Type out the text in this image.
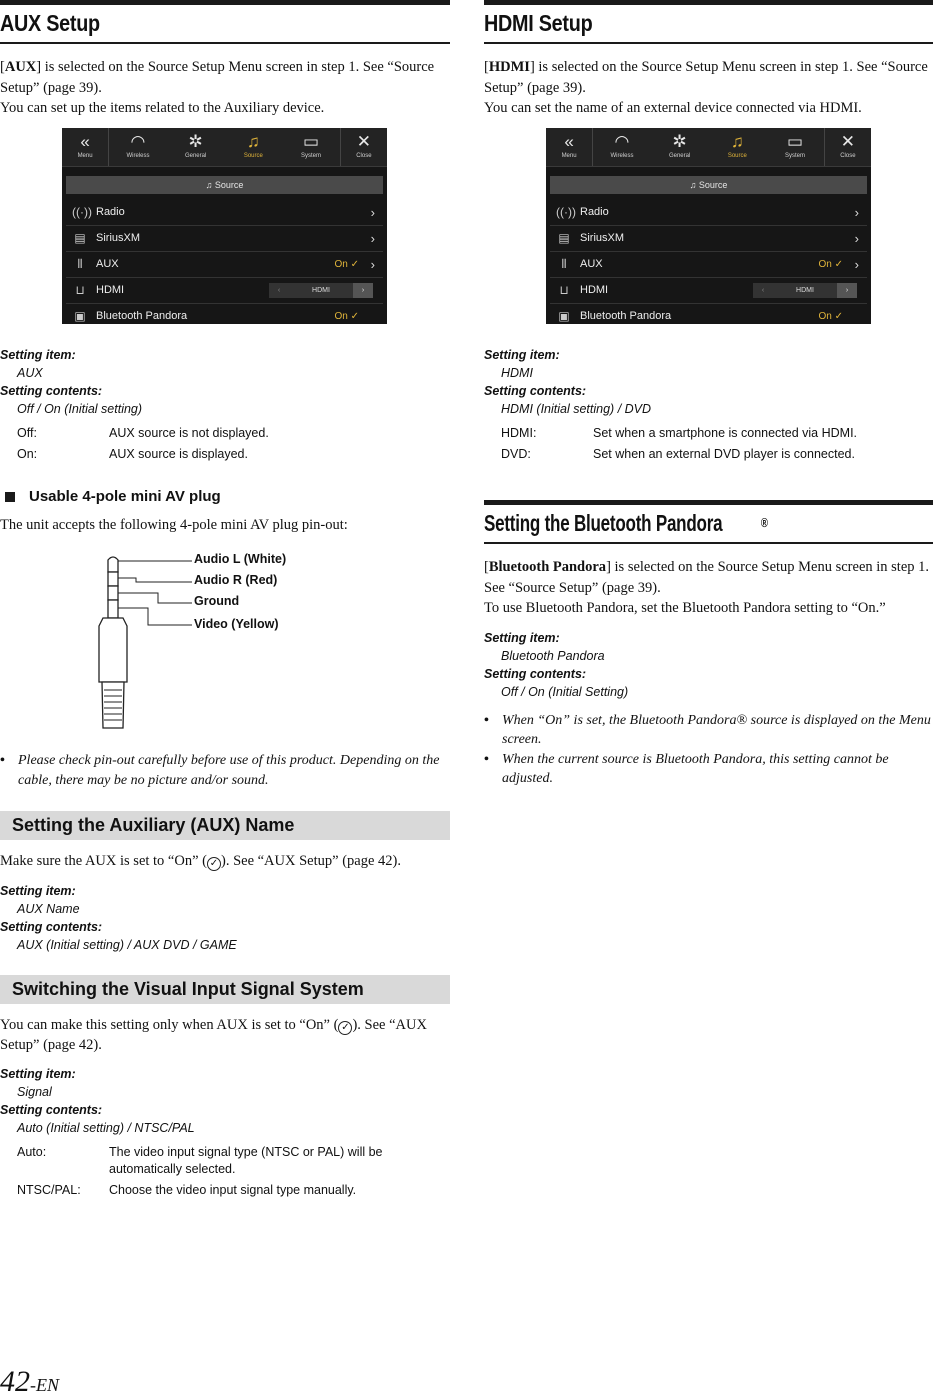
AUX Setup

[AUX] is selected on the Source Setup Menu screen in step 1. See “Source Setup” (page 39).
You can set up the items related to the Auxiliary device.

«
Menu
◠
Wireless
✲
General
♫
Source
▭
System
✕
Close
♫ Source
((·)) Radio	›
▤ SiriusXM	›
⫴	AUX	On ✓ ›
⊔	HDMI	‹	HDMI	›
▣ Bluetooth Pandora	On ✓
Setting item:
AUX
Setting contents:
Off / On (Initial setting)
Off:	AUX source is not displayed.
On:	AUX source is displayed.
Usable 4-pole mini AV plug

The unit accepts the following 4-pole mini AV plug pin-out:

Audio L (White)
Audio R (Red)
Ground
Video (Yellow)
• Please check pin-out carefully before use of this product. Depending on the cable, there may be no picture and/or sound.
Setting the Auxiliary (AUX) Name

Make sure the AUX is set to “On” ( ✓ ). See “AUX Setup” (page 42).

Setting item:
AUX Name
Setting contents:
AUX (Initial setting) / AUX DVD / GAME
Switching the Visual Input Signal System

You can make this setting only when AUX is set to “On” ( ✓ ). See “AUX Setup” (page 42).

Setting item:
Signal
Setting contents:
Auto (Initial setting) / NTSC/PAL
Auto:	The video input signal type (NTSC or PAL) will be automatically selected.
NTSC/PAL:	Choose the video input signal type manually.
HDMI Setup

[HDMI] is selected on the Source Setup Menu screen in step 1. See “Source Setup” (page 39).
You can set the name of an external device connected via HDMI.

«
Menu
◠
Wireless
✲
General
♫
Source
▭
System
✕
Close
♫ Source
((·)) Radio	›
▤ SiriusXM	›
⫴	AUX	On ✓ ›
⊔	HDMI	‹	HDMI	›
▣ Bluetooth Pandora	On ✓
Setting item:
HDMI
Setting contents:
HDMI (Initial setting) / DVD
HDMI:	Set when a smartphone is connected via HDMI.
DVD:	Set when an external DVD player is connected.
Setting the Bluetooth Pandora	®

[Bluetooth Pandora] is selected on the Source Setup Menu screen in step 1. See “Source Setup” (page 39).
To use Bluetooth Pandora, set the Bluetooth Pandora setting to “On.”

Setting item:
Bluetooth Pandora
Setting contents:
Off / On (Initial Setting)
• When “On” is set, the Bluetooth Pandora® source is displayed on the Menu screen.
• When the current source is Bluetooth Pandora, this setting cannot be adjusted.
42-EN
